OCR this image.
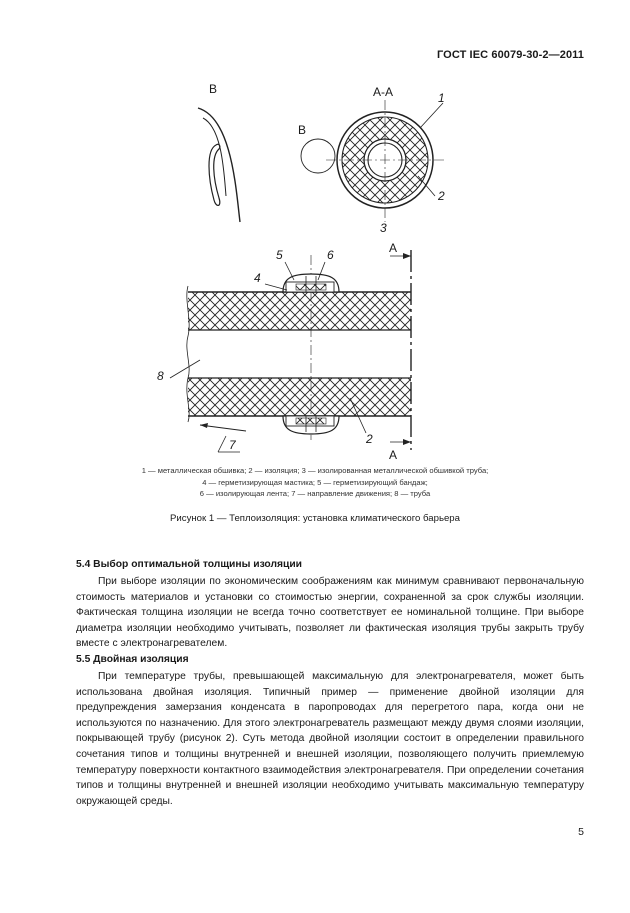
ГОСТ IEC 60079-30-2—2011
B	A-A
B
1
2
3
A
A
5	6
4
8
2
7
1 — металлическая обшивка; 2 — изоляция; 3 — изолированная металлической обшивкой труба;
4 — герметизирующая мастика; 5 — герметизирующий бандаж;
6 — изолирующая лента; 7 — направление движения; 8 — труба
Рисунок 1 — Теплоизоляция: установка климатического барьера
5.4 Выбор оптимальной толщины изоляции

При выборе изоляции по экономическим соображениям как минимум сравнивают первоначальную стоимость материалов и установки со стоимостью энергии, сохраненной за срок службы изоляции. Фактическая толщина изоляции не всегда точно соответствует ее номинальной толщине. При выборе диаметра изоляции необходимо учитывать, позволяет ли фактическая изоляция трубы закрыть трубу вместе с электронагревателем.

5.5 Двойная изоляция

При температуре трубы, превышающей максимальную для электронагревателя, может быть использована двойная изоляция. Типичный пример — применение двойной изоляции для предупреждения замерзания конденсата в паропроводах для перегретого пара, когда они не используются по назначению. Для этого электронагреватель размещают между двумя слоями изоляции, покрывающей трубу (рисунок 2). Суть метода двойной изоляции состоит в определении правильного сочетания типов и толщины внутренней и внешней изоляции, позволяющего получить приемлемую температуру поверхности контактного взаимодействия электронагревателя. При определении сочетания типов и толщины внутренней и внешней изоляции необходимо учитывать максимальную температуру окружающей среды.

5
